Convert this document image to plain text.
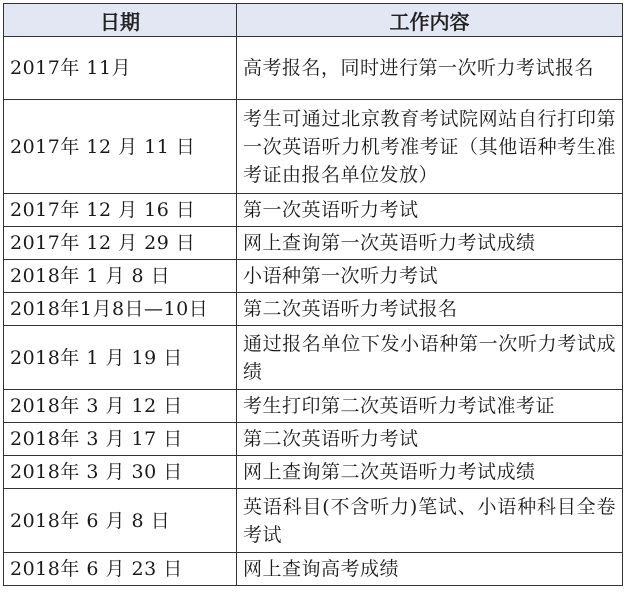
日期	工作内容
2017年 11月	高考报名，同时进行第一次听力考试报名
2017年 12 月 11 日	考生可通过北京教育考试院网站自行打印第一次英语听力机考准考证（其他语种考生准考证由报名单位发放）
2017年 12 月 16 日	第一次英语听力考试
2017年 12 月 29 日	网上查询第一次英语听力考试成绩
2018年 1 月 8 日	小语种第一次听力考试
2018年1月8日—10日	第二次英语听力考试报名
2018年 1 月 19 日	通过报名单位下发小语种第一次听力考试成绩
2018年 3 月 12 日	考生打印第二次英语听力考试准考证
2018年 3 月 17 日	第二次英语听力考试
2018年 3 月 30 日	网上查询第二次英语听力考试成绩
2018年 6 月 8 日	英语科目(不含听力)笔试、小语种科目全卷考试
2018年 6 月 23 日	网上查询高考成绩
